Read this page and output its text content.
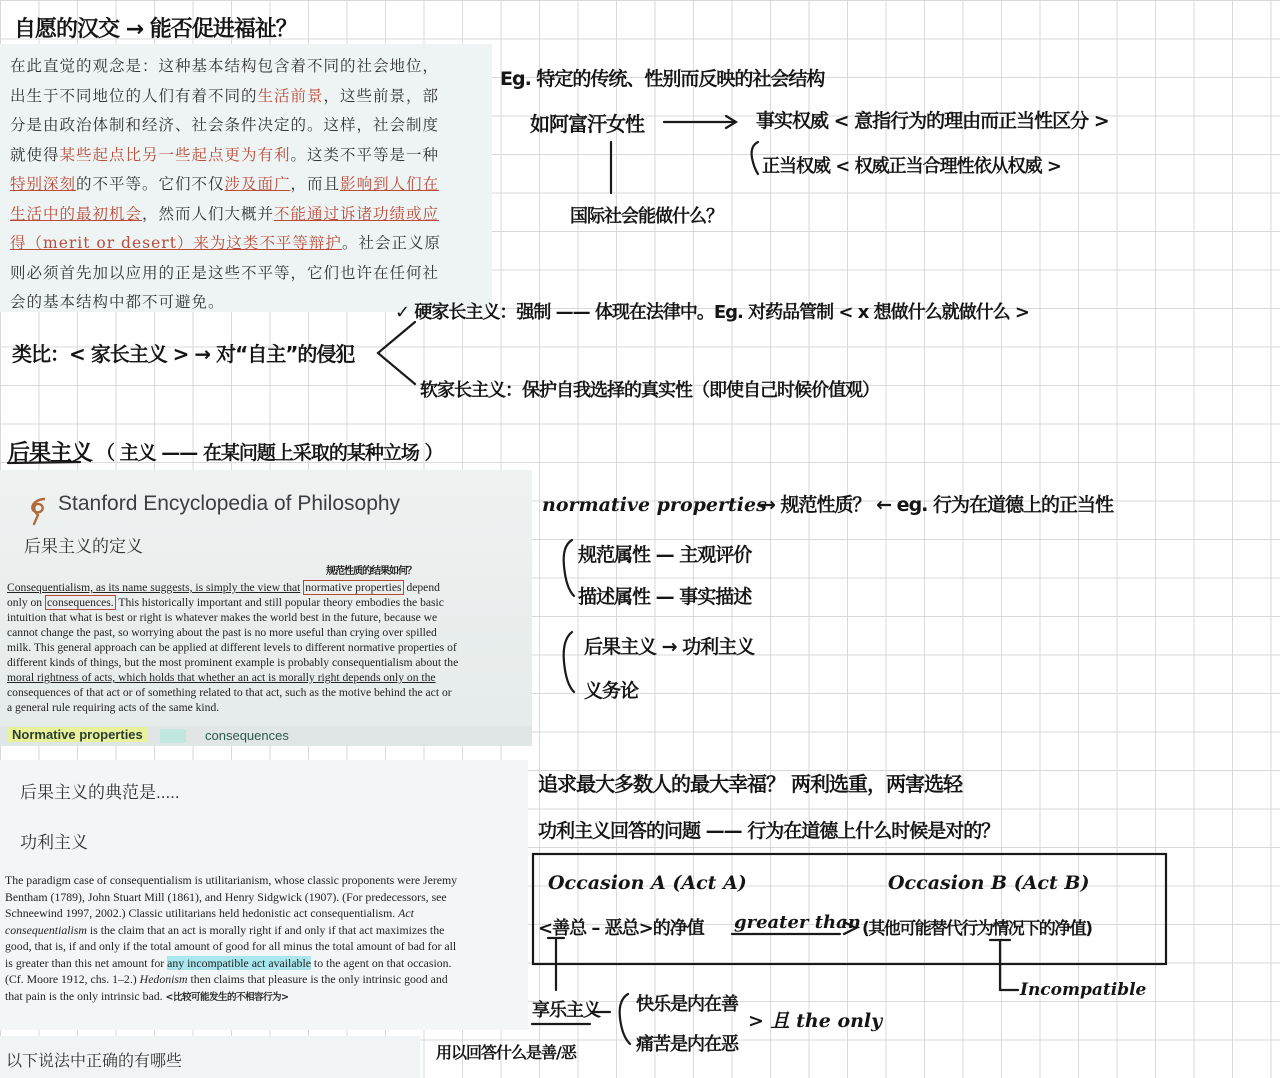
在此直觉的观念是：这种基本结构包含着不同的社会地位，
出生于不同地位的人们有着不同的生活前景，这些前景，部
分是由政治体制和经济、社会条件决定的。这样，社会制度
就使得某些起点比另一些起点更为有利。这类不平等是一种
特别深刻的不平等。它们不仅涉及面广，而且影响到人们在
生活中的最初机会，然而人们大概并不能通过诉诸功绩或应
得（merit or desert）来为这类不平等辩护。社会正义原
则必须首先加以应用的正是这些不平等，它们也许在任何社
会的基本结构中都不可避免。

Stanford Encyclopedia of Philosophy
后果主义的定义
Consequentialism, as its name suggests, is simply the view that normative properties depend
only on consequences. This historically important and still popular theory embodies the basic
intuition that what is best or right is whatever makes the world best in the future, because we
cannot change the past, so worrying about the past is no more useful than crying over spilled
milk. This general approach can be applied at different levels to different normative properties of
different kinds of things, but the most prominent example is probably consequentialism about the
moral rightness of acts, which holds that whether an act is morally right depends only on the
consequences of that act or of something related to that act, such as the motive behind the act or
a general rule requiring acts of the same kind.
Normative properties	consequences
后果主义的典范是.....
功利主义
The paradigm case of consequentialism is utilitarianism, whose classic proponents were Jeremy
Bentham (1789), John Stuart Mill (1861), and Henry Sidgwick (1907). (For predecessors, see
Schneewind 1997, 2002.) Classic utilitarians held hedonistic act consequentialism. Act
consequentialism is the claim that an act is morally right if and only if that act maximizes the
good, that is, if and only if the total amount of good for all minus the total amount of bad for all
is greater than this net amount for any incompatible act available to the agent on that occasion.
(Cf. Moore 1912, chs. 1–2.) Hedonism then claims that pleasure is the only intrinsic good and
that pain is the only intrinsic bad. <比较可能发生的不相容行为>
以下说法中正确的有哪些
自愿的汉交 → 能否促进福祉？
Eg. 特定的传统、性别而反映的社会结构
如阿富汗女性	事实权威 < 意指行为的理由而正当性区分 >
正当权威 < 权威正当合理性依从权威 >
国际社会能做什么？
类比：< 家长主义 > → 对“自主”的侵犯
✓ 硬家长主义：强制 —— 体现在法律中。Eg. 对药品管制 < x 想做什么就做什么 >
软家长主义：保护自我选择的真实性（即使自己时候价值观）
后果主义 （ 主义 —— 在某问题上采取的某种立场 ）
规范性质的结果如何？
normative properties
→ 规范性质？ ← eg. 行为在道德上的正当性
规范属性 — 主观评价
描述属性 — 事实描述
后果主义 → 功利主义
义务论
追求最大多数人的最大幸福？ 两利选重，两害选轻
功利主义回答的问题 —— 行为在道德上什么时候是对的？
Occasion A (Act A)	Occasion B (Act B)
<善总 – 恶总>的净值 greater than (其他可能替代行为情况下的净值)
Incompatible
享乐主义 快乐是内在善
痛苦是内在恶
> 且 the only
用以回答什么是善/恶
